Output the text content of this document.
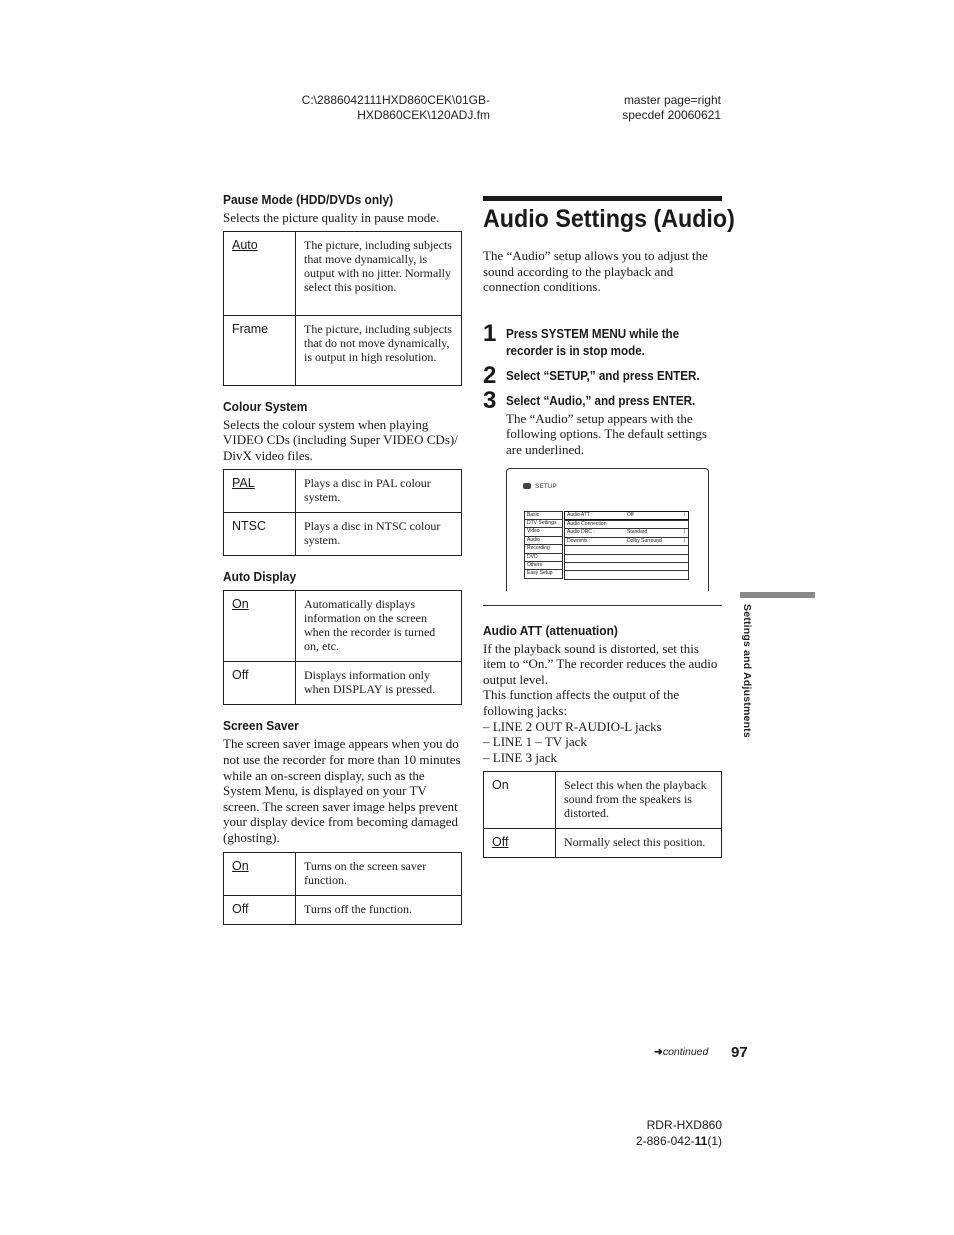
C:\2886042111HXD860CEK\01GB-
HXD860CEK\120ADJ.fm
master page=right
specdef 20060621
Pause Mode (HDD/DVDs only)

Selects the picture quality in pause mode.

Auto	The picture, including subjects that move dynamically, is output with no jitter. Normally select this position.
Frame	The picture, including subjects that do not move dynamically, is output in high resolution.
Colour System

Selects the colour system when playing VIDEO CDs (including Super VIDEO CDs)/ DivX video files.

PAL	Plays a disc in PAL colour system.
NTSC	Plays a disc in NTSC colour system.
Auto Display
On	Automatically displays information on the screen when the recorder is turned on, etc.
Off	Displays information only when DISPLAY is pressed.
Screen Saver

The screen saver image appears when you do not use the recorder for more than 10 minutes while an on-screen display, such as the System Menu, is displayed on your TV screen. The screen saver image helps prevent your display device from becoming damaged (ghosting).

On	Turns on the screen saver function.
Off	Turns off the function.
Audio Settings (Audio)

The “Audio” setup allows you to adjust the sound according to the playback and connection conditions.

1 Press SYSTEM MENU while the recorder is in stop mode.
2 Select “SETUP,” and press ENTER.
3 Select “Audio,” and press ENTER.

The “Audio” setup appears with the following options. The default settings are underlined.

SETUP
Basic
DTV Settings
Video
Audio
Recording
DVD
Others
Easy Setup
Audio ATT :	Off	↕
Audio Connection
Audio DRC :	Standard	↕
Downmix :	Dolby Surround	↕
Audio ATT (attenuation)

If the playback sound is distorted, set this item to “On.” The recorder reduces the audio output level.

This function affects the output of the following jacks:

– LINE 2 OUT R-AUDIO-L jacks

– LINE 1 – TV jack

– LINE 3 jack

On	Select this when the playback sound from the speakers is distorted.
Off	Normally select this position.
Settings and Adjustments
➜continued 97
RDR-HXD860
2-886-042-11(1)
